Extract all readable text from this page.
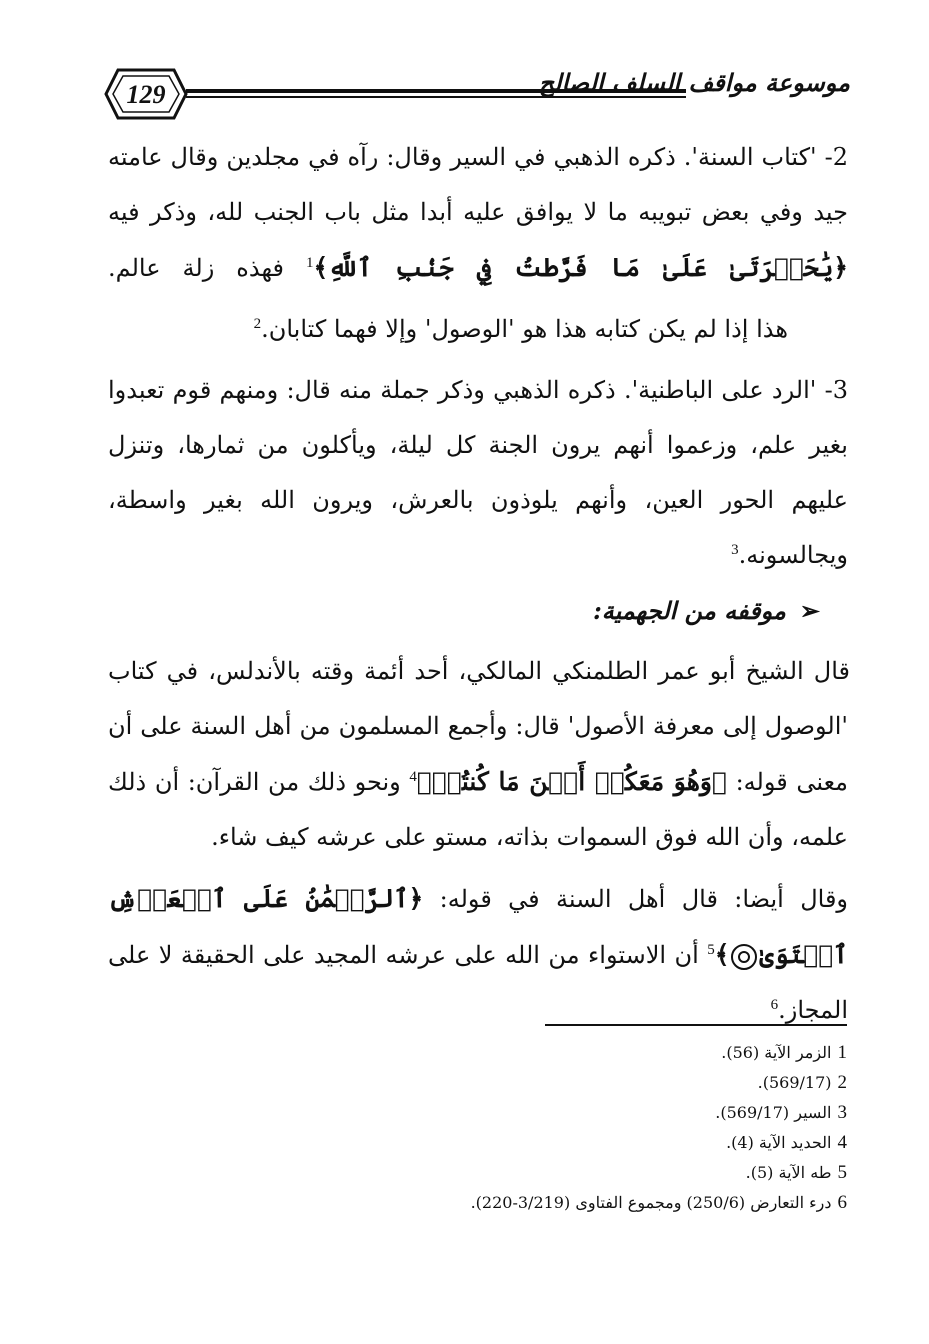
129	موسوعة مواقف السلف الصالح

2- 'كتاب السنة'. ذكره الذهبي في السير وقال: رآه في مجلدين وقال عامته جيد وفي بعض تبويبه ما لا يوافق عليه أبدا مثل باب الجنب لله، وذكر فيه ﴿يَٰحَسۡرَتَىٰ عَلَىٰ مَا فَرَّطتُ فِي جَنۢبِ ٱللَّهِ﴾$^1$ فهذه زلة عالم.

هذا إذا لم يكن كتابه هذا هو 'الوصول' وإلا فهما كتابان.$^2$

3- 'الرد على الباطنية'. ذكره الذهبي وذكر جملة منه قال: ومنهم قوم تعبدوا بغير علم، وزعموا أنهم يرون الجنة كل ليلة، ويأكلون من ثمارها، وتنزل عليهم الحور العين، وأنهم يلوذون بالعرش، ويرون الله بغير واسطة، ويجالسونه.$^3$

➢موقفه من الجهمية:

قال الشيخ أبو عمر الطلمنكي المالكي، أحد أئمة وقته بالأندلس، في كتاب 'الوصول إلى معرفة الأصول' قال: وأجمع المسلمون من أهل السنة على أن معنى قوله: ﴿وَهُوَ مَعَكُمۡ أَيۡنَ مَا كُنتُمۡ﴾$^4$ ونحو ذلك من القرآن: أن ذلك علمه، وأن الله فوق السموات بذاته، مستو على عرشه كيف شاء.

وقال أيضا: قال أهل السنة في قوله: ﴿ٱلرَّحۡمَٰنُ عَلَى ٱلۡعَرۡشِ ٱسۡتَوَىٰ﴾$^5$ أن الاستواء من الله على عرشه المجيد على الحقيقة لا على المجاز.$^6$

1الزمر الآية (56).

2(569/17).

3السير (569/17).

4الحديد الآية (4).

5طه الآية (5).

6درء التعارض (250/6) ومجموع الفتاوى (3/219-220).
